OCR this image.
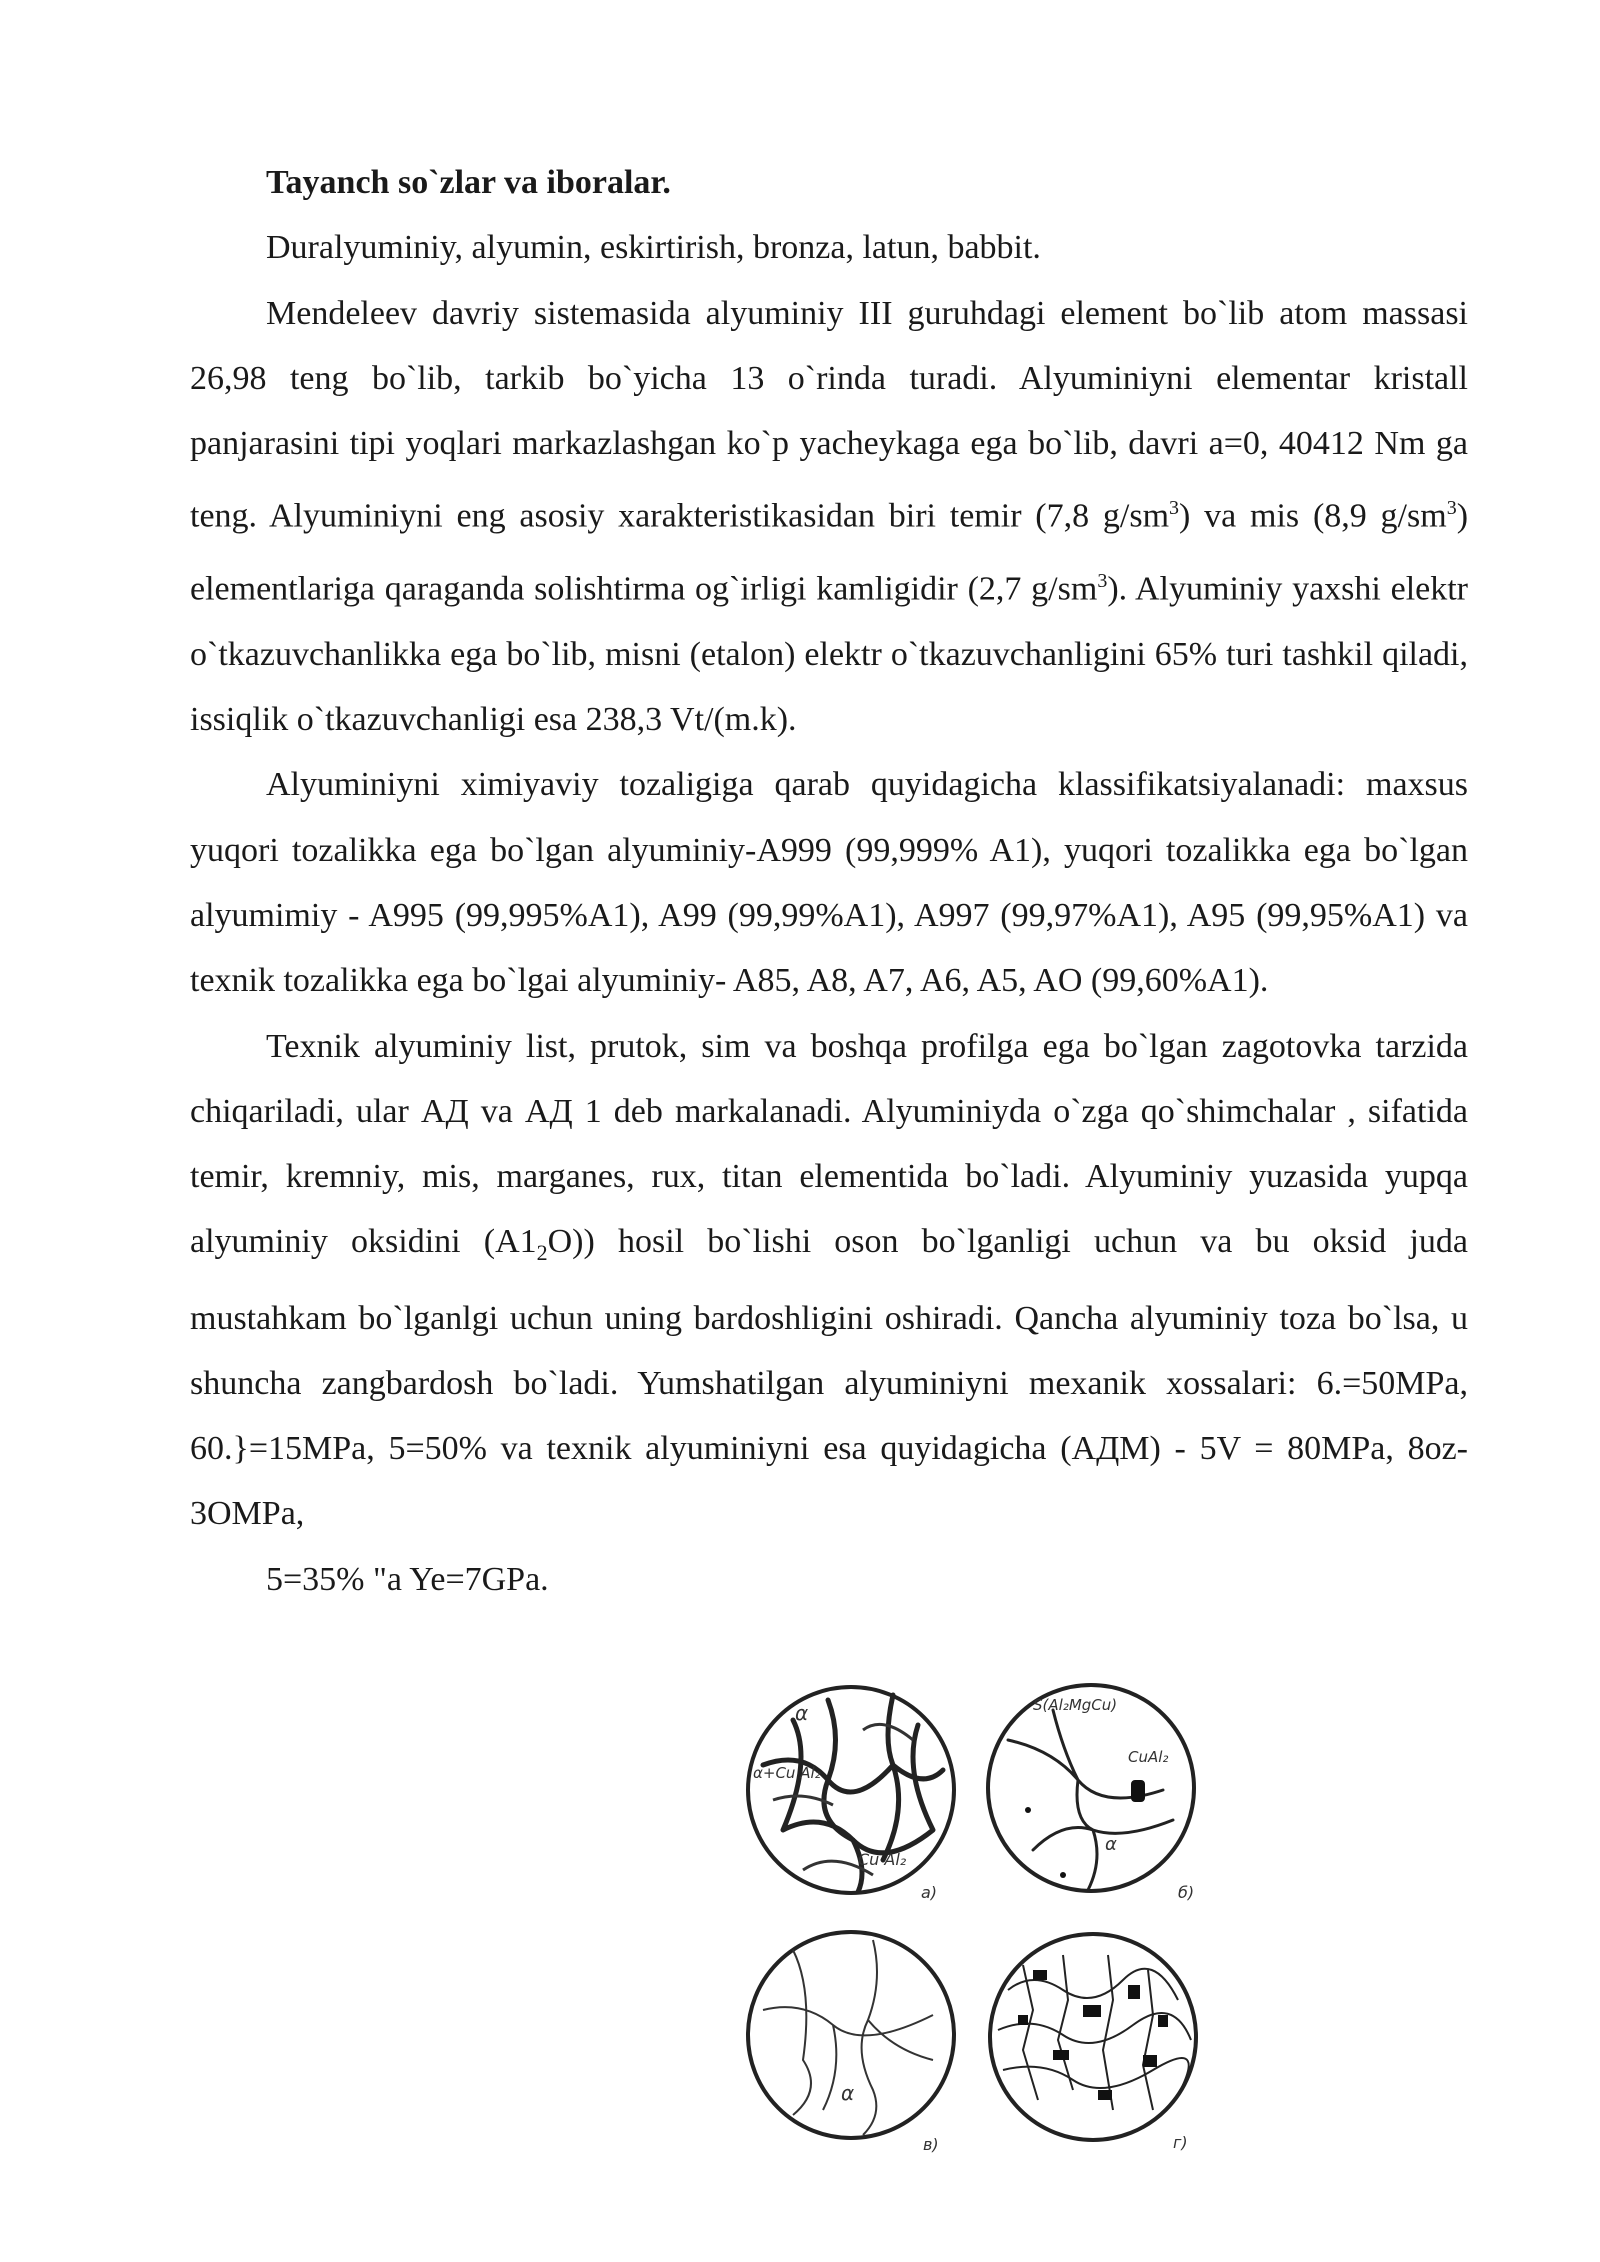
Tayanch so`zlar va iboralar.

Duralyuminiy, alyumin, eskirtirish, bronza, latun, babbit.

Mendeleev davriy sistemasida alyuminiy III guruhdagi element bo`lib atom massasi 26,98 teng bo`lib, tarkib bo`yicha 13 o`rinda turadi. Alyuminiyni elementar kristall panjarasini tipi yoqlari markazlashgan ko`p yacheykaga ega bo`lib, davri a=0, 40412 Nm ga teng. Alyuminiyni eng asosiy xarakteristikasidan biri temir (7,8 $g/sm^3$) va mis (8,9 $g/sm^3$) elementlariga qaraganda solishtirma og`irligi kamligidir (2,7 $g/sm^3$). Alyuminiy yaxshi elektr o`tkazuvchanlikka ega bo`lib, misni (etalon) elektr o`tkazuvchanligini 65% turi tashkil qiladi, issiqlik o`tkazuvchanligi esa 238,3 Vt/(m.k).

Alyuminiyni ximiyaviy tozaligiga qarab quyidagicha klassifikatsiyalanadi: maxsus yuqori tozalikka ega bo`lgan alyuminiy-A999 (99,999% A1), yuqori tozalikka ega bo`lgan alyumimiy - A995 (99,995%A1), A99 (99,99%A1), A997 (99,97%A1), A95 (99,95%A1) va texnik tozalikka ega bo`lgai alyuminiy- A85, A8, A7, A6, A5, AO (99,60%A1).

Texnik alyuminiy list, prutok, sim va boshqa profilga ega bo`lgan zagotovka tarzida chiqariladi, ular АД va АД 1 deb markalanadi. Alyuminiyda o`zga qo`shimchalar , sifatida temir, kremniy, mis, marganes, rux, titan elementida bo`ladi. Alyuminiy yuzasida yupqa alyuminiy oksidini $(A1_2O)$) hosil bo`lishi oson bo`lganligi uchun va bu oksid juda mustahkam bo`lganlgi uchun uning bardoshligini oshiradi. Qancha alyuminiy toza bo`lsa, u shuncha zangbardosh bo`ladi. Yumshatilgan alyuminiyni mexanik xossalari: 6.=50MPa, 60.}=15MPa, 5=50% va texnik alyuminiyni esa quyidagicha (АДМ) - 5V = 80MPa, 8oz-3OMPa,

5=35% "a Ye=7GPa.

α
α+Cu Al₂
Cu Al₂
а)
S(Al₂MgCu)
CuAl₂
α
б)
α
в)	г)
